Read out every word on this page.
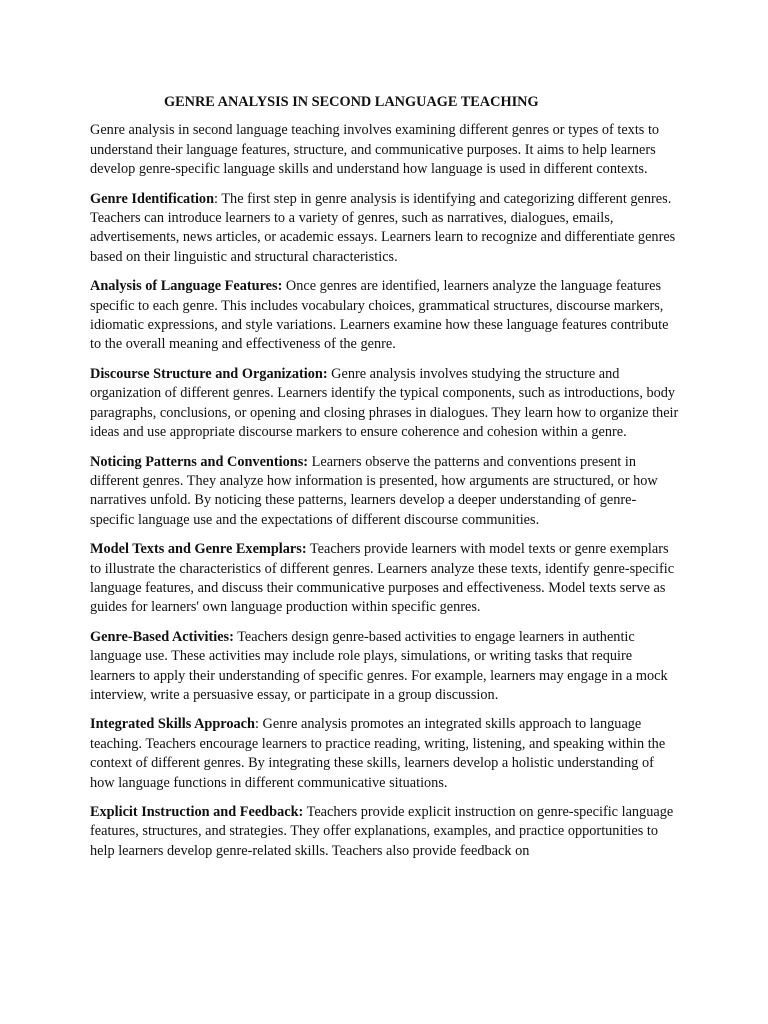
GENRE ANALYSIS IN SECOND LANGUAGE TEACHING

Genre analysis in second language teaching involves examining different genres or types of texts to understand their language features, structure, and communicative purposes. It aims to help learners develop genre-specific language skills and understand how language is used in different contexts.

Genre Identification: The first step in genre analysis is identifying and categorizing different genres. Teachers can introduce learners to a variety of genres, such as narratives, dialogues, emails, advertisements, news articles, or academic essays. Learners learn to recognize and differentiate genres based on their linguistic and structural characteristics.

Analysis of Language Features: Once genres are identified, learners analyze the language features specific to each genre. This includes vocabulary choices, grammatical structures, discourse markers, idiomatic expressions, and style variations. Learners examine how these language features contribute to the overall meaning and effectiveness of the genre.

Discourse Structure and Organization: Genre analysis involves studying the structure and organization of different genres. Learners identify the typical components, such as introductions, body paragraphs, conclusions, or opening and closing phrases in dialogues. They learn how to organize their ideas and use appropriate discourse markers to ensure coherence and cohesion within a genre.

Noticing Patterns and Conventions: Learners observe the patterns and conventions present in different genres. They analyze how information is presented, how arguments are structured, or how narratives unfold. By noticing these patterns, learners develop a deeper understanding of genre-specific language use and the expectations of different discourse communities.

Model Texts and Genre Exemplars: Teachers provide learners with model texts or genre exemplars to illustrate the characteristics of different genres. Learners analyze these texts, identify genre-specific language features, and discuss their communicative purposes and effectiveness. Model texts serve as guides for learners' own language production within specific genres.

Genre-Based Activities: Teachers design genre-based activities to engage learners in authentic language use. These activities may include role plays, simulations, or writing tasks that require learners to apply their understanding of specific genres. For example, learners may engage in a mock interview, write a persuasive essay, or participate in a group discussion.

Integrated Skills Approach: Genre analysis promotes an integrated skills approach to language teaching. Teachers encourage learners to practice reading, writing, listening, and speaking within the context of different genres. By integrating these skills, learners develop a holistic understanding of how language functions in different communicative situations.

Explicit Instruction and Feedback: Teachers provide explicit instruction on genre-specific language features, structures, and strategies. They offer explanations, examples, and practice opportunities to help learners develop genre-related skills. Teachers also provide feedback on
